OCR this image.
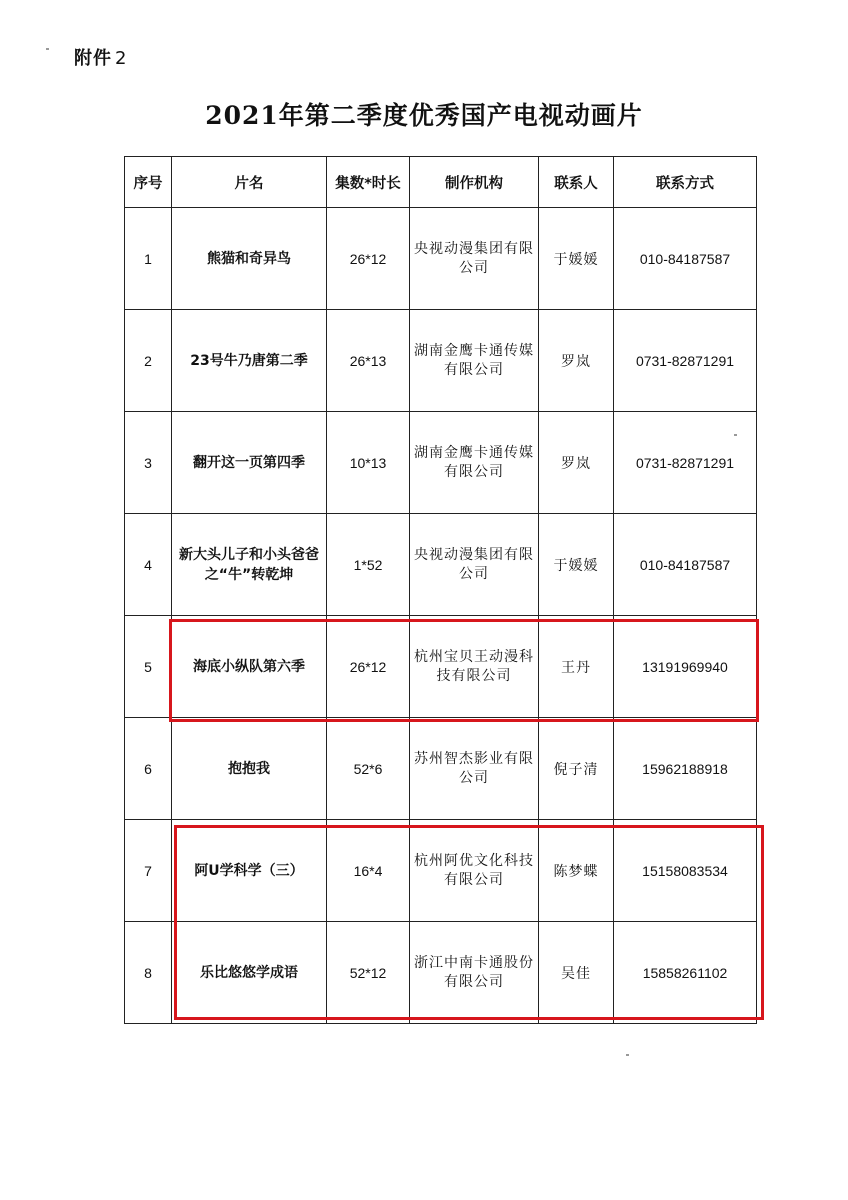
附件 2
2021年第二季度优秀国产电视动画片
序号	片名	集数*时长	制作机构	联系人	联系方式
1	熊猫和奇异鸟	26*12	央视动漫集团有限公司	于媛媛	010-84187587
2	23号牛乃唐第二季	26*13	湖南金鹰卡通传媒有限公司	罗岚	0731-82871291
3	翻开这一页第四季	10*13	湖南金鹰卡通传媒有限公司	罗岚	0731-82871291
4	新大头儿子和小头爸爸之“牛”转乾坤	1*52	央视动漫集团有限公司	于媛媛	010-84187587
5	海底小纵队第六季	26*12	杭州宝贝王动漫科技有限公司	王丹	13191969940
6	抱抱我	52*6	苏州智杰影业有限公司	倪子清	15962188918
7	阿U学科学（三）	16*4	杭州阿优文化科技有限公司	陈梦蝶	15158083534
8	乐比悠悠学成语	52*12	浙江中南卡通股份有限公司	吴佳	15858261102
